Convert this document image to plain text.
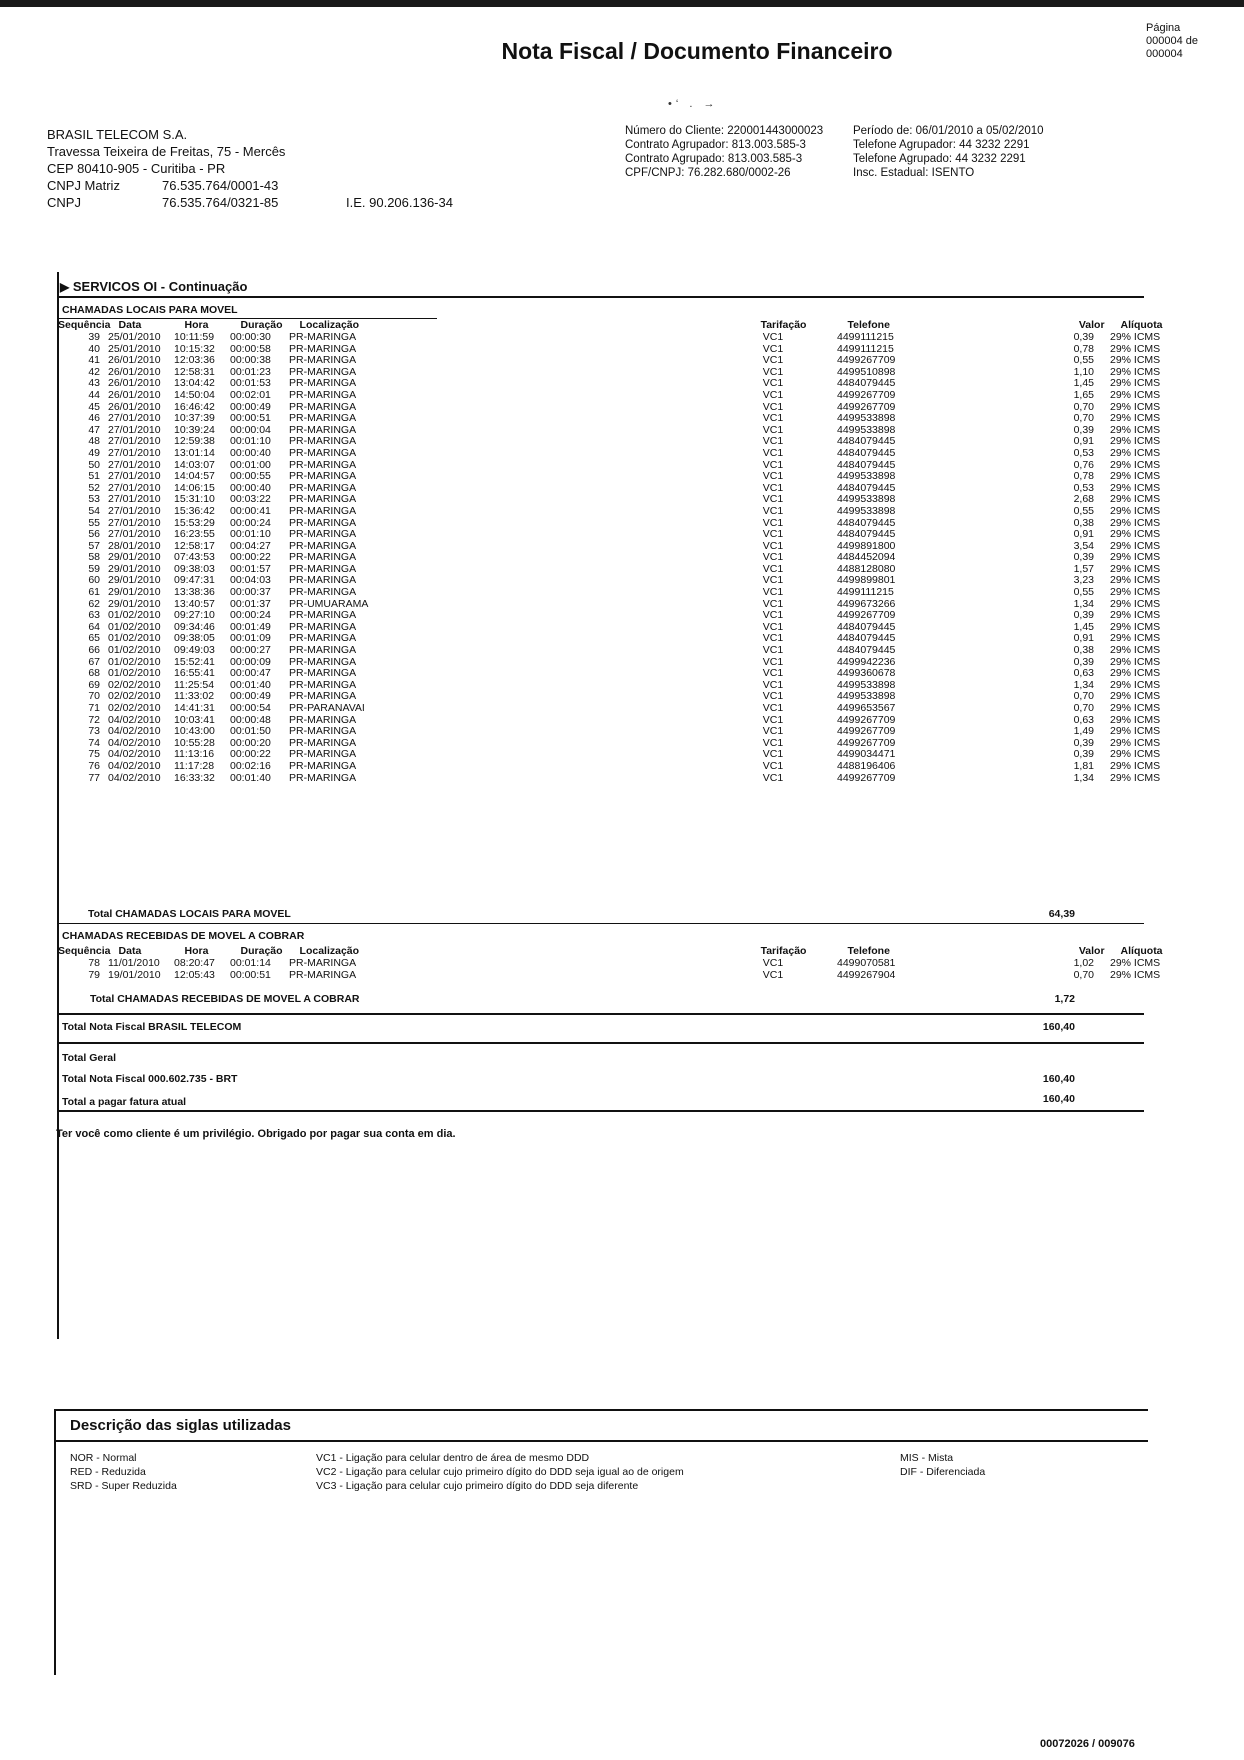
Nota Fiscal / Documento Financeiro
•‘ . →
Página
000004 de
000004
BRASIL TELECOM S.A.
Travessa Teixeira de Freitas, 75 - Mercês
CEP 80410-905 - Curitiba - PR
CNPJ Matriz	76.535.764/0001-43
CNPJ	76.535.764/0321-85	I.E. 90.206.136-34
Número do Cliente: 220001443000023
Contrato Agrupador: 813.003.585-3
Contrato Agrupado: 813.003.585-3
CPF/CNPJ: 76.282.680/0002-26
Período de: 06/01/2010 a 05/02/2010
Telefone Agrupador: 44 3232 2291
Telefone Agrupado: 44 3232 2291
Insc. Estadual: ISENTO
▶ SERVICOS OI - Continuação
CHAMADAS LOCAIS PARA MOVEL
Sequência	Data	Hora	Duração	Localização	Tarifação	Telefone	Valor	Alíquota
39	25/01/2010	10:11:59	00:00:30	PR-MARINGA	VC1	4499111215	0,39	29% ICMS
40	25/01/2010	10:15:32	00:00:58	PR-MARINGA	VC1	4499111215	0,78	29% ICMS
41	26/01/2010	12:03:36	00:00:38	PR-MARINGA	VC1	4499267709	0,55	29% ICMS
42	26/01/2010	12:58:31	00:01:23	PR-MARINGA	VC1	4499510898	1,10	29% ICMS
43	26/01/2010	13:04:42	00:01:53	PR-MARINGA	VC1	4484079445	1,45	29% ICMS
44	26/01/2010	14:50:04	00:02:01	PR-MARINGA	VC1	4499267709	1,65	29% ICMS
45	26/01/2010	16:46:42	00:00:49	PR-MARINGA	VC1	4499267709	0,70	29% ICMS
46	27/01/2010	10:37:39	00:00:51	PR-MARINGA	VC1	4499533898	0,70	29% ICMS
47	27/01/2010	10:39:24	00:00:04	PR-MARINGA	VC1	4499533898	0,39	29% ICMS
48	27/01/2010	12:59:38	00:01:10	PR-MARINGA	VC1	4484079445	0,91	29% ICMS
49	27/01/2010	13:01:14	00:00:40	PR-MARINGA	VC1	4484079445	0,53	29% ICMS
50	27/01/2010	14:03:07	00:01:00	PR-MARINGA	VC1	4484079445	0,76	29% ICMS
51	27/01/2010	14:04:57	00:00:55	PR-MARINGA	VC1	4499533898	0,78	29% ICMS
52	27/01/2010	14:06:15	00:00:40	PR-MARINGA	VC1	4484079445	0,53	29% ICMS
53	27/01/2010	15:31:10	00:03:22	PR-MARINGA	VC1	4499533898	2,68	29% ICMS
54	27/01/2010	15:36:42	00:00:41	PR-MARINGA	VC1	4499533898	0,55	29% ICMS
55	27/01/2010	15:53:29	00:00:24	PR-MARINGA	VC1	4484079445	0,38	29% ICMS
56	27/01/2010	16:23:55	00:01:10	PR-MARINGA	VC1	4484079445	0,91	29% ICMS
57	28/01/2010	12:58:17	00:04:27	PR-MARINGA	VC1	4499891800	3,54	29% ICMS
58	29/01/2010	07:43:53	00:00:22	PR-MARINGA	VC1	4484452094	0,39	29% ICMS
59	29/01/2010	09:38:03	00:01:57	PR-MARINGA	VC1	4488128080	1,57	29% ICMS
60	29/01/2010	09:47:31	00:04:03	PR-MARINGA	VC1	4499899801	3,23	29% ICMS
61	29/01/2010	13:38:36	00:00:37	PR-MARINGA	VC1	4499111215	0,55	29% ICMS
62	29/01/2010	13:40:57	00:01:37	PR-UMUARAMA	VC1	4499673266	1,34	29% ICMS
63	01/02/2010	09:27:10	00:00:24	PR-MARINGA	VC1	4499267709	0,39	29% ICMS
64	01/02/2010	09:34:46	00:01:49	PR-MARINGA	VC1	4484079445	1,45	29% ICMS
65	01/02/2010	09:38:05	00:01:09	PR-MARINGA	VC1	4484079445	0,91	29% ICMS
66	01/02/2010	09:49:03	00:00:27	PR-MARINGA	VC1	4484079445	0,38	29% ICMS
67	01/02/2010	15:52:41	00:00:09	PR-MARINGA	VC1	4499942236	0,39	29% ICMS
68	01/02/2010	16:55:41	00:00:47	PR-MARINGA	VC1	4499360678	0,63	29% ICMS
69	02/02/2010	11:25:54	00:01:40	PR-MARINGA	VC1	4499533898	1,34	29% ICMS
70	02/02/2010	11:33:02	00:00:49	PR-MARINGA	VC1	4499533898	0,70	29% ICMS
71	02/02/2010	14:41:31	00:00:54	PR-PARANAVAI	VC1	4499653567	0,70	29% ICMS
72	04/02/2010	10:03:41	00:00:48	PR-MARINGA	VC1	4499267709	0,63	29% ICMS
73	04/02/2010	10:43:00	00:01:50	PR-MARINGA	VC1	4499267709	1,49	29% ICMS
74	04/02/2010	10:55:28	00:00:20	PR-MARINGA	VC1	4499267709	0,39	29% ICMS
75	04/02/2010	11:13:16	00:00:22	PR-MARINGA	VC1	4499034471	0,39	29% ICMS
76	04/02/2010	11:17:28	00:02:16	PR-MARINGA	VC1	4488196406	1,81	29% ICMS
77	04/02/2010	16:33:32	00:01:40	PR-MARINGA	VC1	4499267709	1,34	29% ICMS
Total CHAMADAS LOCAIS PARA MOVEL	64,39
CHAMADAS RECEBIDAS DE MOVEL A COBRAR
Sequência	Data	Hora	Duração	Localização	Tarifação	Telefone	Valor	Alíquota
78	11/01/2010	08:20:47	00:01:14	PR-MARINGA	VC1	4499070581	1,02	29% ICMS
79	19/01/2010	12:05:43	00:00:51	PR-MARINGA	VC1	4499267904	0,70	29% ICMS
Total CHAMADAS RECEBIDAS DE MOVEL A COBRAR	1,72
Total Nota Fiscal BRASIL TELECOM	160,40
Total Geral
Total Nota Fiscal 000.602.735 - BRT	160,40
Total a pagar fatura atual	160,40
Ter você como cliente é um privilégio. Obrigado por pagar sua conta em dia.
Descrição das siglas utilizadas
NOR - Normal
RED - Reduzida
SRD - Super Reduzida
VC1 - Ligação para celular dentro de área de mesmo DDD
VC2 - Ligação para celular cujo primeiro dígito do DDD seja igual ao de origem
VC3 - Ligação para celular cujo primeiro dígito do DDD seja diferente
MIS - Mista
DIF - Diferenciada
00072026 / 009076
